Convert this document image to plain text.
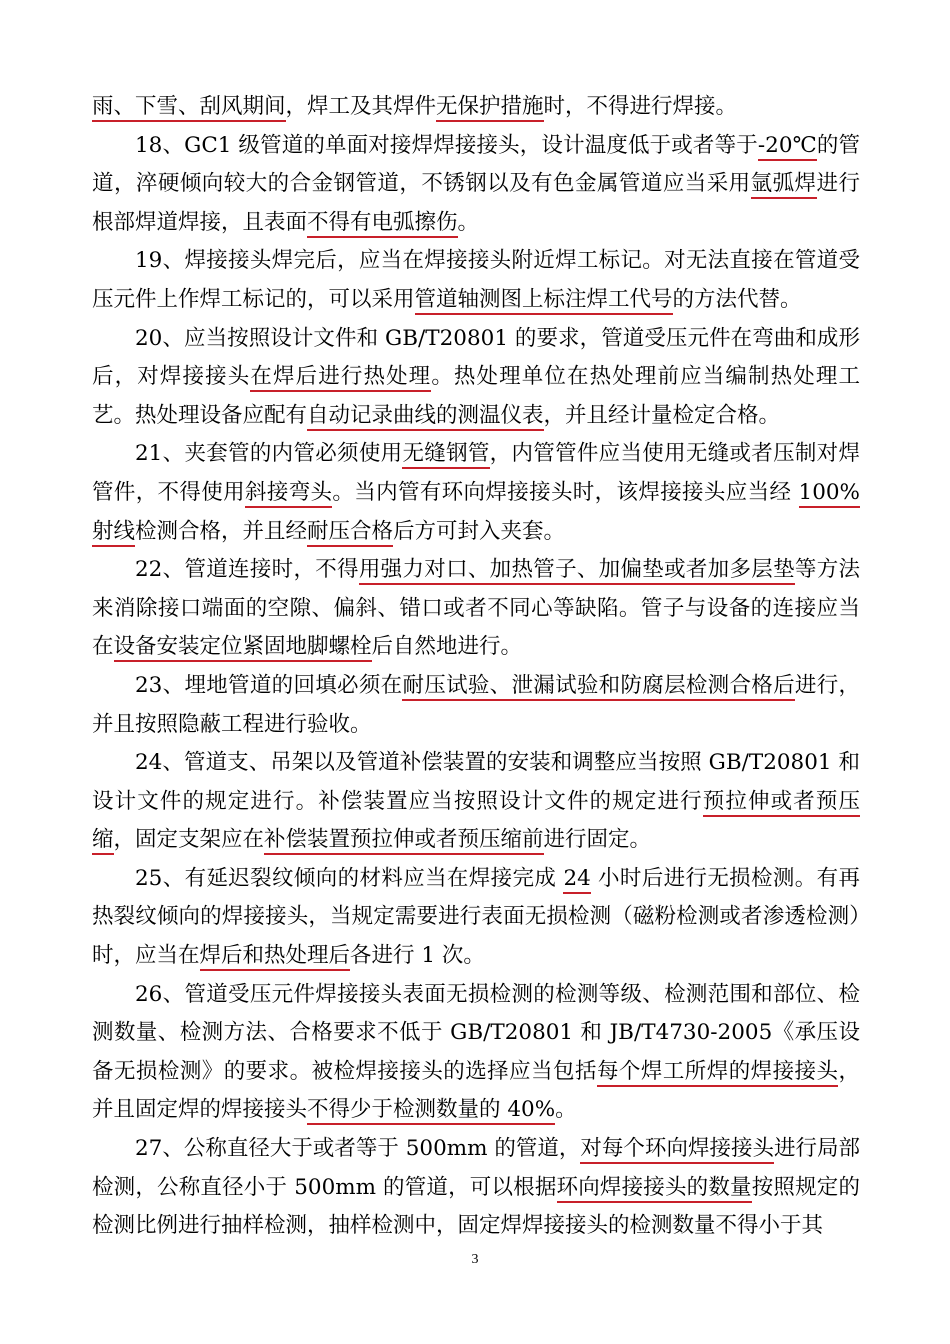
雨、下雪、刮风期间，焊工及其焊件无保护措施时，不得进行焊接。

18、GC1 级管道的单面对接焊焊接接头，设计温度低于或者等于-20℃的管道，淬硬倾向较大的合金钢管道，不锈钢以及有色金属管道应当采用氩弧焊进行根部焊道焊接，且表面不得有电弧擦伤。

19、焊接接头焊完后，应当在焊接接头附近焊工标记。对无法直接在管道受压元件上作焊工标记的，可以采用管道轴测图上标注焊工代号的方法代替。

20、应当按照设计文件和 GB/T20801 的要求，管道受压元件在弯曲和成形后，对焊接接头在焊后进行热处理。热处理单位在热处理前应当编制热处理工艺。热处理设备应配有自动记录曲线的测温仪表，并且经计量检定合格。

21、夹套管的内管必须使用无缝钢管，内管管件应当使用无缝或者压制对焊管件，不得使用斜接弯头。当内管有环向焊接接头时，该焊接接头应当经 100%射线检测合格，并且经耐压合格后方可封入夹套。

22、管道连接时，不得用强力对口、加热管子、加偏垫或者加多层垫等方法来消除接口端面的空隙、偏斜、错口或者不同心等缺陷。管子与设备的连接应当在设备安装定位紧固地脚螺栓后自然地进行。

23、埋地管道的回填必须在耐压试验、泄漏试验和防腐层检测合格后进行，并且按照隐蔽工程进行验收。

24、管道支、吊架以及管道补偿装置的安装和调整应当按照 GB/T20801 和设计文件的规定进行。补偿装置应当按照设计文件的规定进行预拉伸或者预压缩，固定支架应在补偿装置预拉伸或者预压缩前进行固定。

25、有延迟裂纹倾向的材料应当在焊接完成 24 小时后进行无损检测。有再热裂纹倾向的焊接接头，当规定需要进行表面无损检测（磁粉检测或者渗透检测）时，应当在焊后和热处理后各进行 1 次。

26、管道受压元件焊接接头表面无损检测的检测等级、检测范围和部位、检测数量、检测方法、合格要求不低于 GB/T20801 和 JB/T4730-2005《承压设备无损检测》的要求。被检焊接接头的选择应当包括每个焊工所焊的焊接接头，并且固定焊的焊接接头不得少于检测数量的 40%。

27、公称直径大于或者等于 500mm 的管道，对每个环向焊接接头进行局部检测，公称直径小于 500mm 的管道，可以根据环向焊接接头的数量按照规定的检测比例进行抽样检测，抽样检测中，固定焊焊接接头的检测数量不得小于其

3
